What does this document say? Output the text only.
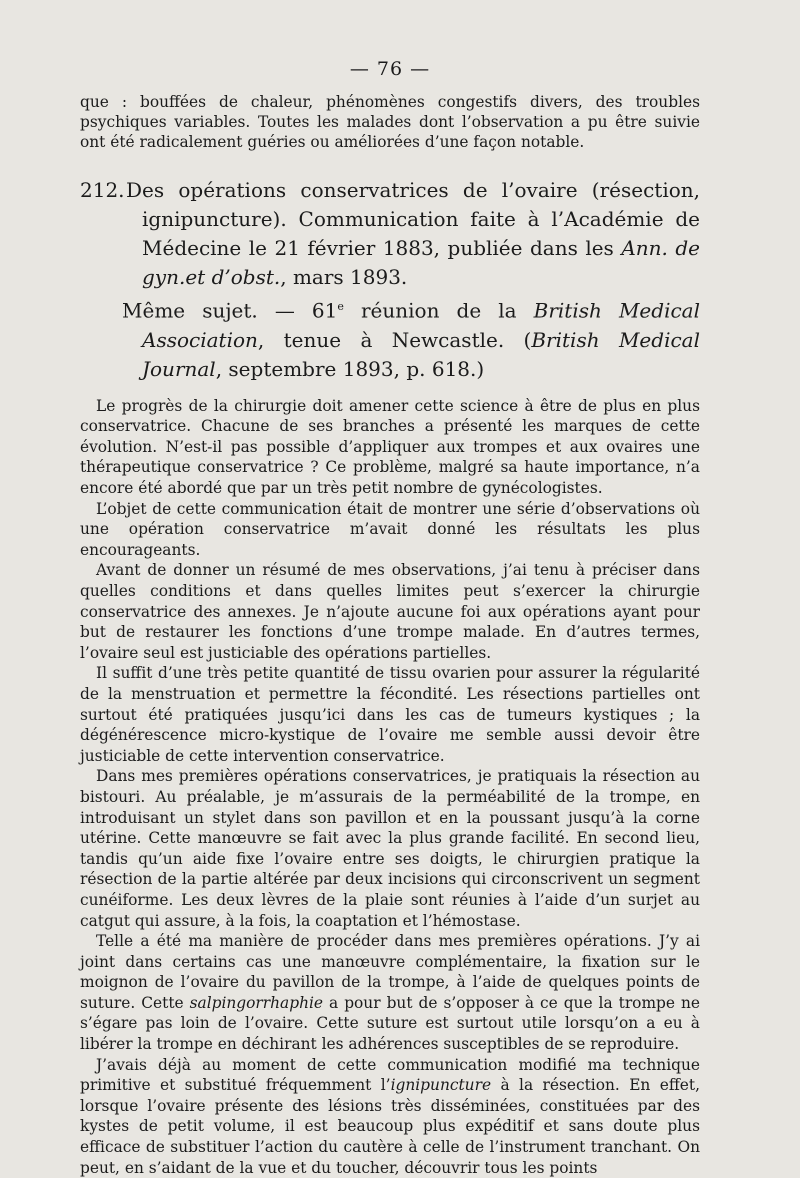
— 76 —

que : bouffées de chaleur, phénomènes congestifs divers, des troubles psychiques variables. Toutes les malades dont l’observation a pu être suivie ont été radicalement guéries ou améliorées d’une façon notable.

212.Des opérations conservatrices de l’ovaire (résection, ignipuncture). Communication faite à l’Académie de Médecine le 21 février 1883, publiée dans les Ann. de gyn.et d’obst., mars 1893.

Même sujet. — 61e réunion de la British Medical Association, tenue à Newcastle. (British Medical Journal, septembre 1893, p. 618.)

Le progrès de la chirurgie doit amener cette science à être de plus en plus conservatrice. Chacune de ses branches a présenté les marques de cette évolution. N’est-il pas possible d’appliquer aux trompes et aux ovaires une thérapeutique conservatrice ? Ce problème, malgré sa haute importance, n’a encore été abordé que par un très petit nombre de gynécologistes.

L’objet de cette communication était de montrer une série d’observations où une opération conservatrice m’avait donné les résultats les plus encourageants.

Avant de donner un résumé de mes observations, j’ai tenu à préciser dans quelles conditions et dans quelles limites peut s’exercer la chirurgie conservatrice des annexes. Je n’ajoute aucune foi aux opérations ayant pour but de restaurer les fonctions d’une trompe malade. En d’autres termes, l’ovaire seul est justiciable des opérations partielles.

Il suffit d’une très petite quantité de tissu ovarien pour assurer la régularité de la menstruation et permettre la fécondité. Les résections partielles ont surtout été pratiquées jusqu’ici dans les cas de tumeurs kystiques ; la dégénérescence micro-kystique de l’ovaire me semble aussi devoir être justiciable de cette intervention conservatrice.

Dans mes premières opérations conservatrices, je pratiquais la résection au bistouri. Au préalable, je m’assurais de la perméabilité de la trompe, en introduisant un stylet dans son pavillon et en la poussant jusqu’à la corne utérine. Cette manœuvre se fait avec la plus grande facilité. En second lieu, tandis qu’un aide fixe l’ovaire entre ses doigts, le chirurgien pratique la résection de la partie altérée par deux incisions qui circonscrivent un segment cunéiforme. Les deux lèvres de la plaie sont réunies à l’aide d’un surjet au catgut qui assure, à la fois, la coaptation et l’hémostase.

Telle a été ma manière de procéder dans mes premières opérations. J’y ai joint dans certains cas une manœuvre complémentaire, la fixation sur le moignon de l’ovaire du pavillon de la trompe, à l’aide de quelques points de suture. Cette salpingorrhaphie a pour but de s’opposer à ce que la trompe ne s’égare pas loin de l’ovaire. Cette suture est surtout utile lorsqu’on a eu à libérer la trompe en déchirant les adhérences susceptibles de se reproduire.

J’avais déjà au moment de cette communication modifié ma technique primitive et substitué fréquemment l’ignipuncture à la résection. En effet, lorsque l’ovaire présente des lésions très disséminées, constituées par des kystes de petit volume, il est beaucoup plus expéditif et sans doute plus efficace de substituer l’action du cautère à celle de l’instrument tranchant. On peut, en s’aidant de la vue et du toucher, découvrir tous les points
